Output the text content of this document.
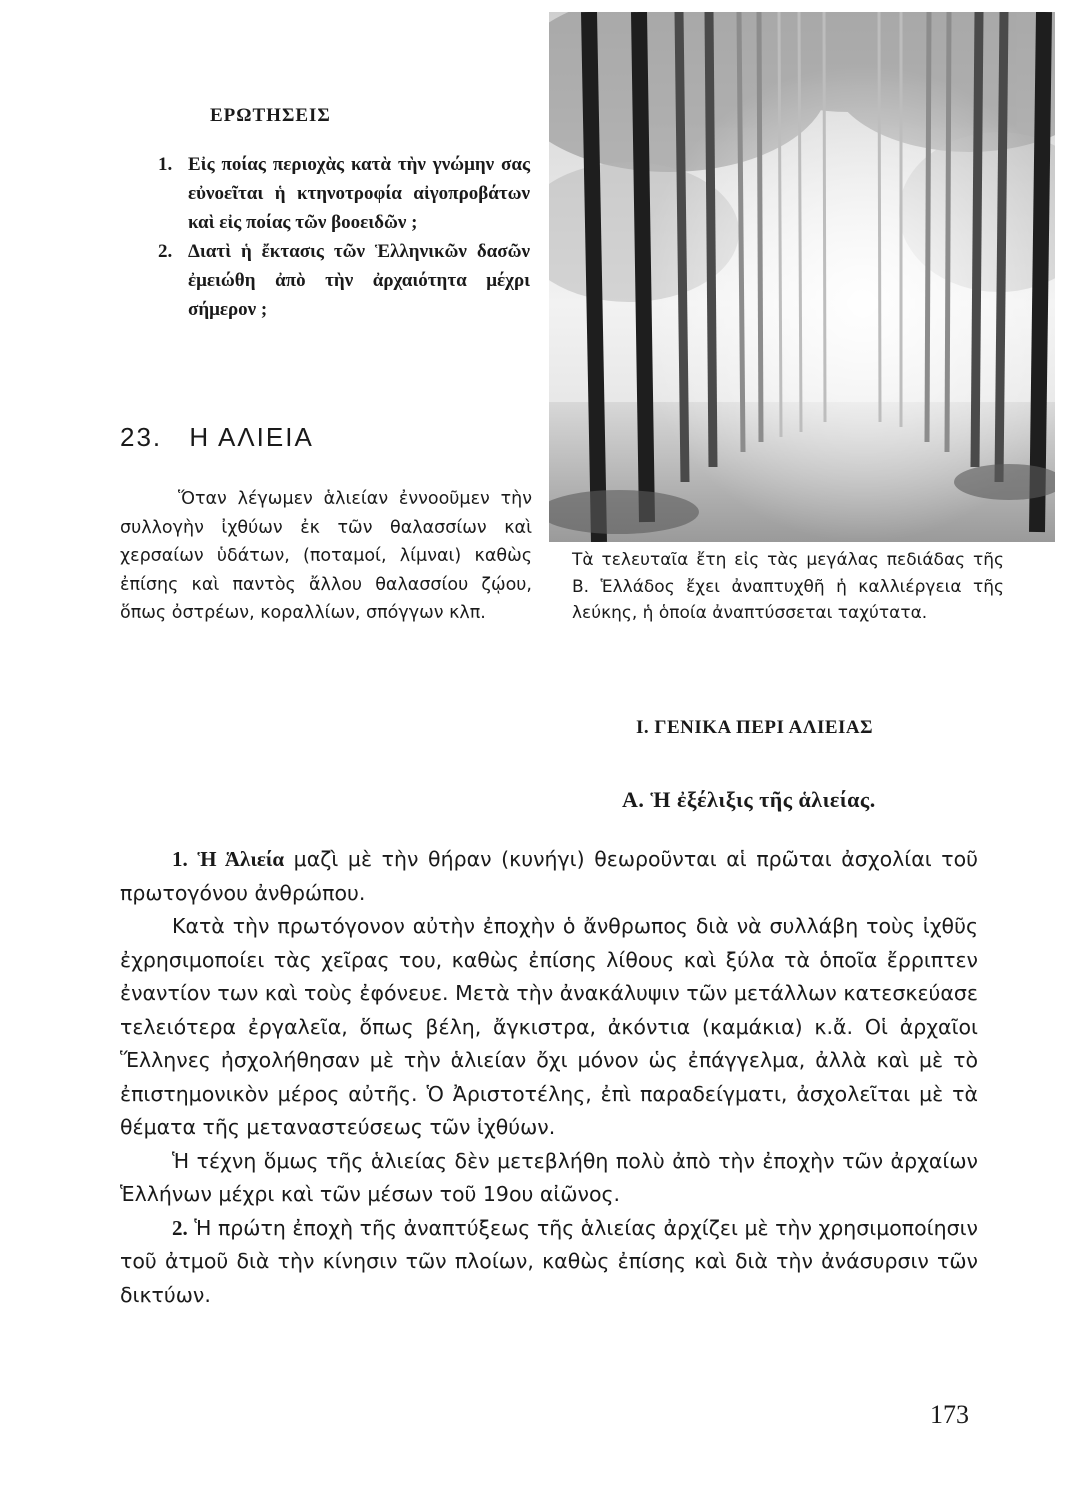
ΕΡΩΤΗΣΕΙΣ
1. Εἰς ποίας περιοχὰς κατὰ τὴν γνώμην σας εὐνοεῖται ἡ κτηνοτροφία αἰγοπροβάτων καὶ εἰς ποίας τῶν βοοειδῶν ;
2. Διατὶ ἡ ἔκτασις τῶν Ἑλληνικῶν δασῶν ἐμειώθη ἀπὸ τὴν ἀρχαιότητα μέχρι σήμερον ;
23. Η ΑΛΙΕΙΑ
Ὅταν λέγωμεν ἁλιείαν ἐννοοῦμεν τὴν συλλογὴν ἰχθύων ἐκ τῶν θαλασσίων καὶ χερσαίων ὑδάτων, (ποταμοί, λίμναι) καθὼς ἐπίσης καὶ παντὸς ἄλλου θαλασσίου ζῴου, ὅπως ὀστρέων, κοραλλίων, σπόγγων κλπ.
Τὰ τελευταῖα ἔτη εἰς τὰς μεγάλας πεδιάδας τῆς Β. Ἑλλάδος ἔχει ἀναπτυχθῆ ἡ καλλιέργεια τῆς λεύκης, ἡ ὁποία ἀναπτύσσεται ταχύτατα.
Ι. ΓΕΝΙΚΑ ΠΕΡΙ ΑΛΙΕΙΑΣ
Α. Ἡ ἐξέλιξις τῆς ἁλιείας.

1. Ἡ Ἁλιεία μαζὶ μὲ τὴν θήραν (κυνήγι) θεωροῦνται αἱ πρῶται ἀσχολίαι τοῦ πρωτογόνου ἀνθρώπου.

Κατὰ τὴν πρωτόγονον αὐτὴν ἐποχὴν ὁ ἄνθρωπος διὰ νὰ συλλάβη τοὺς ἰχθῦς ἐχρησιμοποίει τὰς χεῖρας του, καθὼς ἐπίσης λίθους καὶ ξύλα τὰ ὁποῖα ἔρριπτεν ἐναντίον των καὶ τοὺς ἐφόνευε. Μετὰ τὴν ἀνακάλυψιν τῶν μετάλλων κατεσκεύασε τελειότερα ἐργαλεῖα, ὅπως βέλη, ἄγκιστρα, ἀκόντια (καμάκια) κ.ἄ. Οἱ ἀρχαῖοι Ἕλληνες ἠσχολήθησαν μὲ τὴν ἁλιείαν ὄχι μόνον ὡς ἐπάγγελμα, ἀλλὰ καὶ μὲ τὸ ἐπιστημονικὸν μέρος αὐτῆς. Ὁ Ἀριστοτέλης, ἐπὶ παραδείγματι, ἀσχολεῖται μὲ τὰ θέματα τῆς μεταναστεύσεως τῶν ἰχθύων.

Ἡ τέχνη ὅμως τῆς ἁλιείας δὲν μετεβλήθη πολὺ ἀπὸ τὴν ἐποχὴν τῶν ἀρχαίων Ἑλλήνων μέχρι καὶ τῶν μέσων τοῦ 19ου αἰῶνος.

2. Ἡ πρώτη ἐποχὴ τῆς ἀναπτύξεως τῆς ἁλιείας ἀρχίζει μὲ τὴν χρησιμοποίησιν τοῦ ἀτμοῦ διὰ τὴν κίνησιν τῶν πλοίων, καθὼς ἐπίσης καὶ διὰ τὴν ἀνάσυρσιν τῶν δικτύων.

173
